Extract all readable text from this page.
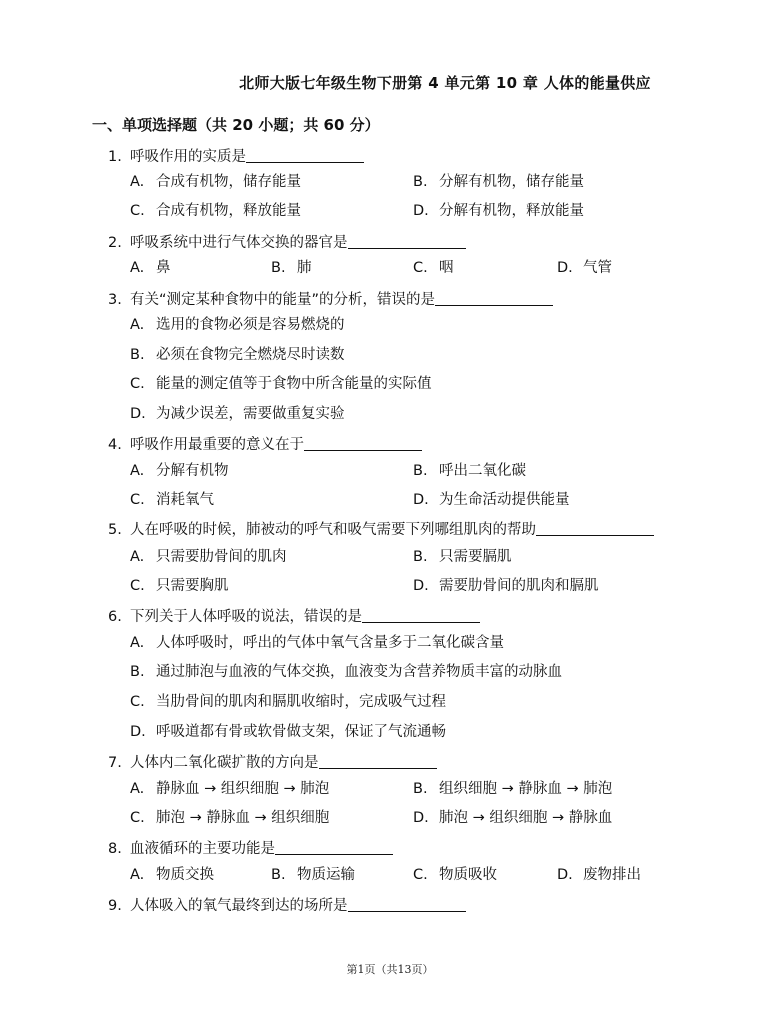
北师大版七年级生物下册第 4 单元第 10 章 人体的能量供应
一、单项选择题（共 20 小题；共 60 分）
1. 呼吸作用的实质是
A. 合成有机物，储存能量	B. 分解有机物，储存能量
C. 合成有机物，释放能量	D. 分解有机物，释放能量
2. 呼吸系统中进行气体交换的器官是
A. 鼻	B. 肺	C. 咽	D. 气管
3. 有关“测定某种食物中的能量”的分析，错误的是
A. 选用的食物必须是容易燃烧的
B. 必须在食物完全燃烧尽时读数
C. 能量的测定值等于食物中所含能量的实际值
D. 为减少误差，需要做重复实验
4. 呼吸作用最重要的意义在于
A. 分解有机物	B. 呼出二氧化碳
C. 消耗氧气	D. 为生命活动提供能量
5. 人在呼吸的时候，肺被动的呼气和吸气需要下列哪组肌肉的帮助
A. 只需要肋骨间的肌肉	B. 只需要膈肌
C. 只需要胸肌	D. 需要肋骨间的肌肉和膈肌
6. 下列关于人体呼吸的说法，错误的是
A. 人体呼吸时，呼出的气体中氧气含量多于二氧化碳含量
B. 通过肺泡与血液的气体交换，血液变为含营养物质丰富的动脉血
C. 当肋骨间的肌肉和膈肌收缩时，完成吸气过程
D. 呼吸道都有骨或软骨做支架，保证了气流通畅
7. 人体内二氧化碳扩散的方向是
A. 静脉血 → 组织细胞 → 肺泡	B. 组织细胞 → 静脉血 → 肺泡
C. 肺泡 → 静脉血 → 组织细胞	D. 肺泡 → 组织细胞 → 静脉血
8. 血液循环的主要功能是
A. 物质交换	B. 物质运输	C. 物质吸收	D. 废物排出
9. 人体吸入的氧气最终到达的场所是
第1页（共13页）
